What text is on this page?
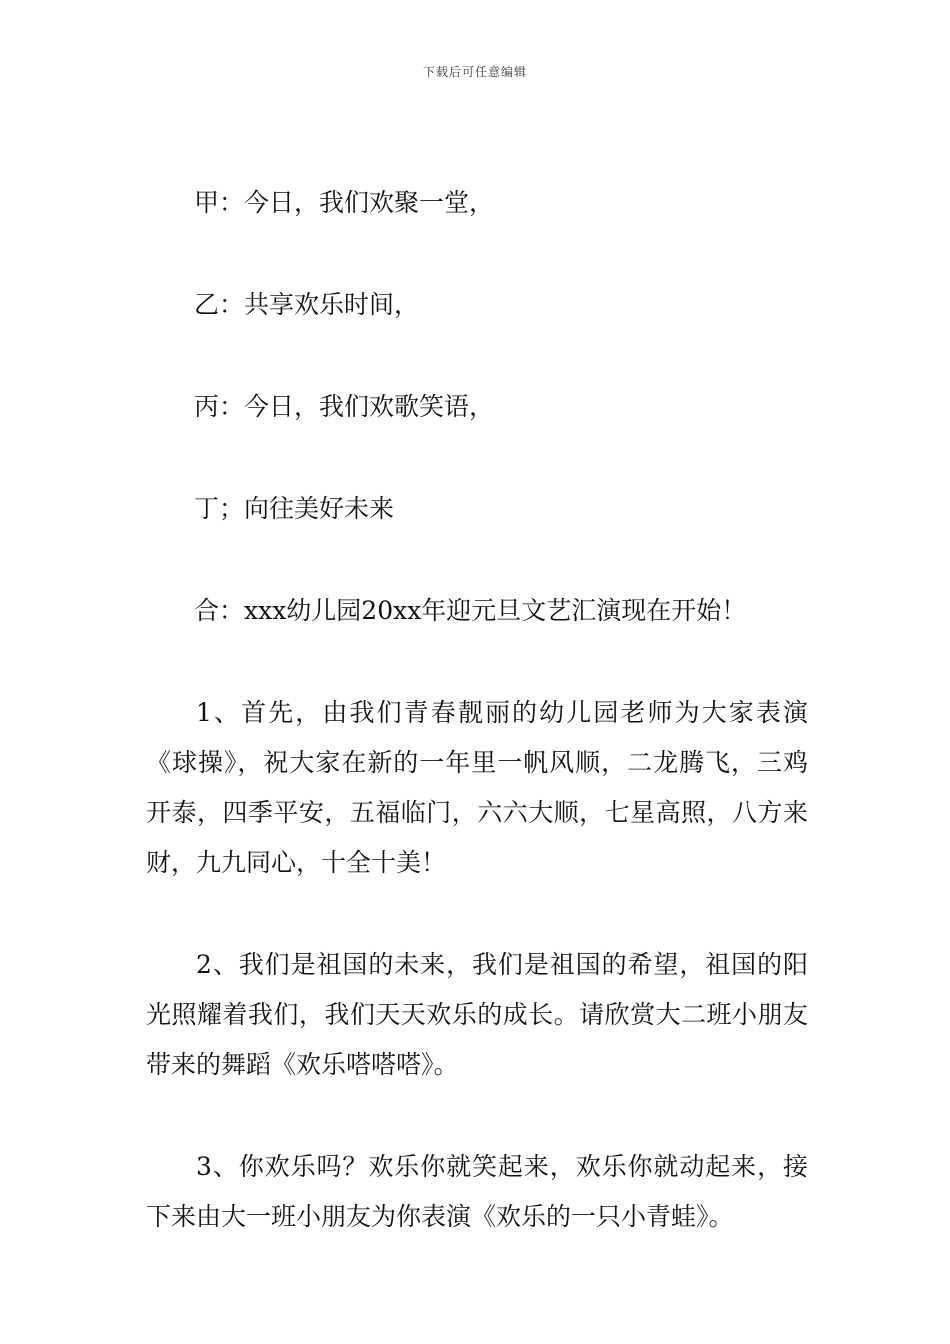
下载后可任意编辑

甲：今日，我们欢聚一堂，

乙：共享欢乐时间，

丙：今日，我们欢歌笑语，

丁；向往美好未来

合：xxx幼儿园20xx年迎元旦文艺汇演现在开始！

1、首先，由我们青春靓丽的幼儿园老师为大家表演《球操》，祝大家在新的一年里一帆风顺，二龙腾飞，三鸡开泰，四季平安，五福临门，六六大顺，七星高照，八方来财，九九同心，十全十美！

2、我们是祖国的未来，我们是祖国的希望，祖国的阳光照耀着我们，我们天天欢乐的成长。请欣赏大二班小朋友带来的舞蹈《欢乐嗒嗒嗒》。

3、你欢乐吗？欢乐你就笑起来，欢乐你就动起来，接下来由大一班小朋友为你表演《欢乐的一只小青蛙》。
